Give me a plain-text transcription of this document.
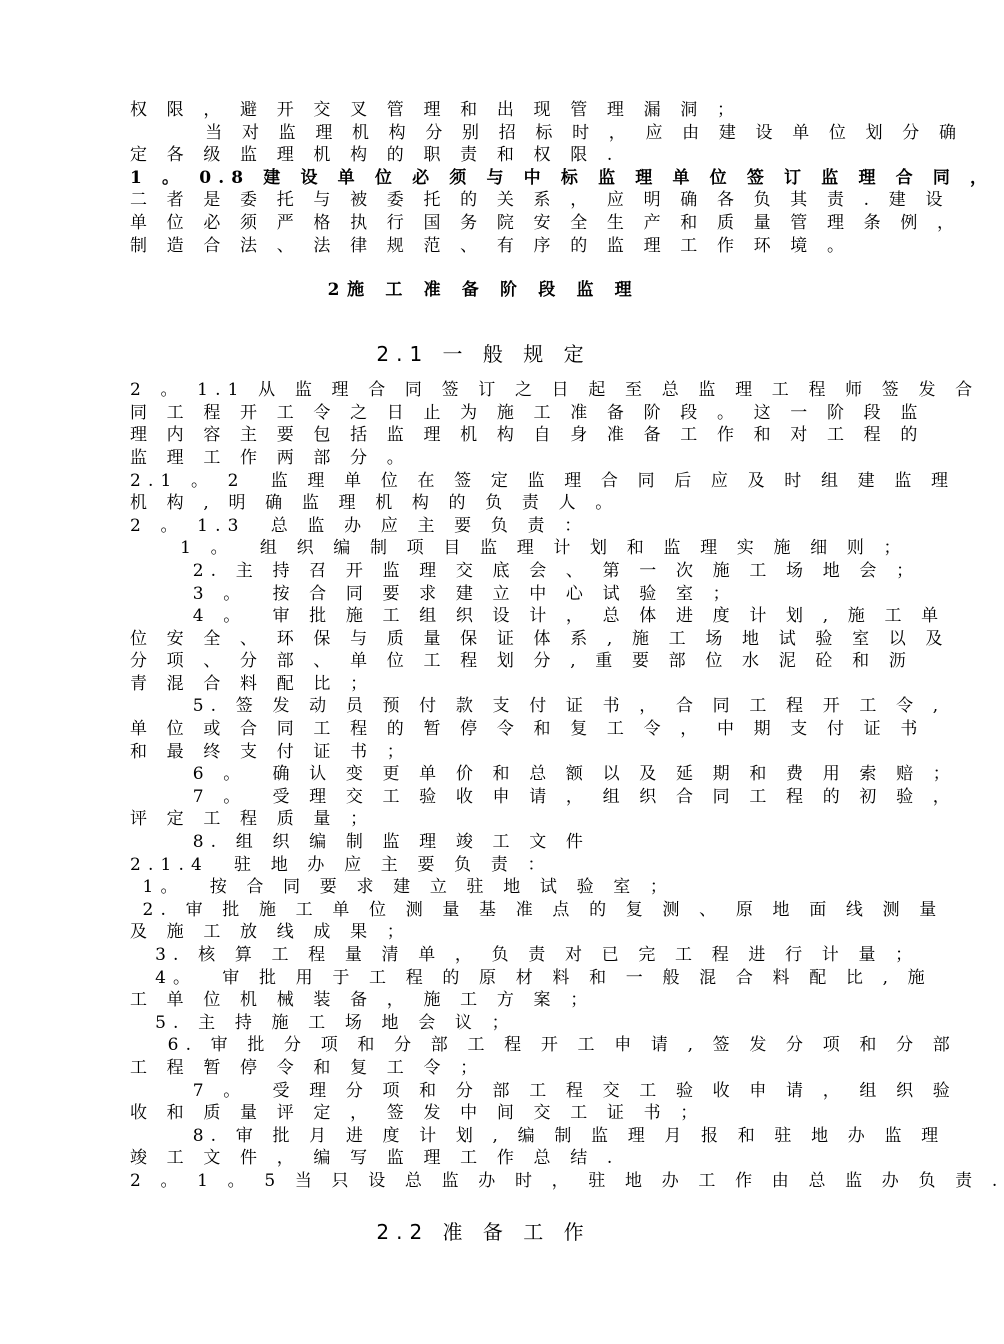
权 限 ， 避 开 交 叉 管 理 和 出 现 管 理 漏 洞 ；
当 对 监 理 机 构 分 别 招 标 时 ， 应 由 建 设 单 位 划 分 确
定 各 级 监 理 机 构 的 职 责 和 权 限 .
1 。 0.8 建 设 单 位 必 须 与 中 标 监 理 单 位 签 订 监 理 合 同 ，
二 者 是 委 托 与 被 委 托 的 关 系 ， 应 明 确 各 负 其 责 . 建 设
单 位 必 须 严 格 执 行 国 务 院 安 全 生 产 和 质 量 管 理 条 例 ，
制 造 合 法 、 法 律 规 范 、 有 序 的 监 理 工 作 环 境 。
2施 工 准 备 阶 段 监 理
2.1 一 般 规 定
2 。 1.1 从 监 理 合 同 签 订 之 日 起 至 总 监 理 工 程 师 签 发 合
同 工 程 开 工 令 之 日 止 为 施 工 准 备 阶 段 。 这 一 阶 段 监
理 内 容 主 要 包 括 监 理 机 构 自 身 准 备 工 作 和 对 工 程 的
监 理 工 作 两 部 分 。
2.1 。 2  监 理 单 位 在 签 定 监 理 合 同 后 应 及 时 组 建 监 理
机 构 , 明 确 监 理 机 构 的 负 责 人 。
2 。 1.3  总 监 办 应 主 要 负 责 ：
1 。  组 织 编 制 项 目 监 理 计 划 和 监 理 实 施 细 则 ；
2. 主 持 召 开 监 理 交 底 会 、 第 一 次 施 工 场 地 会 ；
3 。  按 合 同 要 求 建 立 中 心 试 验 室 ；
4 。  审 批 施 工 组 织 设 计 ， 总 体 进 度 计 划 , 施 工 单
位 安 全 、 环 保 与 质 量 保 证 体 系 , 施 工 场 地 试 验 室 以 及
分 项 、 分 部 、 单 位 工 程 划 分 , 重 要 部 位 水 泥 砼 和 沥
青 混 合 料 配 比 ；
5. 签 发 动 员 预 付 款 支 付 证 书 ， 合 同 工 程 开 工 令 ,
单 位 或 合 同 工 程 的 暂 停 令 和 复 工 令 ， 中 期 支 付 证 书
和 最 终 支 付 证 书 ；
6 。  确 认 变 更 单 价 和 总 额 以 及 延 期 和 费 用 索 赔 ；
7 。  受 理 交 工 验 收 申 请 ， 组 织 合 同 工 程 的 初 验 ，
评 定 工 程 质 量 ；
8. 组 织 编 制 监 理 竣 工 文 件
2.1.4  驻 地 办 应 主 要 负 责 ：
1。  按 合 同 要 求 建 立 驻 地 试 验 室 ；
2. 审 批 施 工 单 位 测 量 基 准 点 的 复 测 、 原 地 面 线 测 量
及 施 工 放 线 成 果 ；
3. 核 算 工 程 量 清 单 ， 负 责 对 已 完 工 程 进 行 计 量 ；
4。  审 批 用 于 工 程 的 原 材 料 和 一 般 混 合 料 配 比 , 施
工 单 位 机 械 装 备 ， 施 工 方 案 ；
5. 主 持 施 工 场 地 会 议 ；
6. 审 批 分 项 和 分 部 工 程 开 工 申 请 , 签 发 分 项 和 分 部
工 程 暂 停 令 和 复 工 令 ；
7 。  受 理 分 项 和 分 部 工 程 交 工 验 收 申 请 ， 组 织 验
收 和 质 量 评 定 ， 签 发 中 间 交 工 证 书 ；
8. 审 批 月 进 度 计 划 , 编 制 监 理 月 报 和 驻 地 办 监 理
竣 工 文 件 ， 编 写 监 理 工 作 总 结 .
2 。 1 。 5 当 只 设 总 监 办 时 ， 驻 地 办 工 作 由 总 监 办 负 责 .
2.2 准 备 工 作
